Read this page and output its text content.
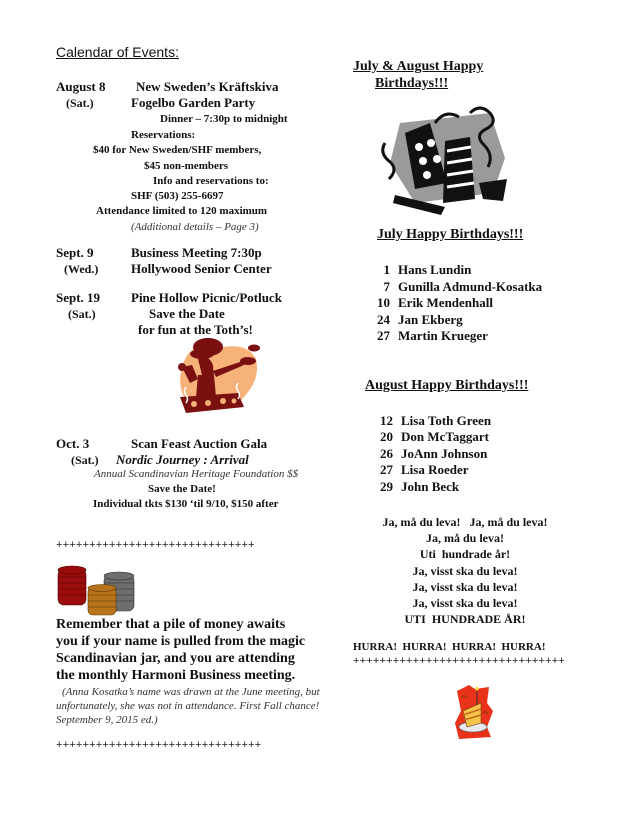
Calendar of Events:
August 8 New Sweden’s Kräftskiva
(Sat.)	Fogelbo Garden Party
Dinner – 7:30p to midnight
Reservations:
$40 for New Sweden/SHF members,
$45 non-members
Info and reservations to:
SHF (503) 255-6697
Attendance limited to 120 maximum
(Additional details – Page 3)
Sept. 9	Business Meeting 7:30p
(Wed.)	Hollywood Senior Center
Sept. 19 Pine Hollow Picnic/Potluck
(Sat.)	Save the Date
for fun at the Toth’s!
Oct. 3	Scan Feast Auction Gala
(Sat.) Nordic Journey : Arrival
Annual Scandinavian Heritage Foundation $$
Save the Date!
Individual tkts $130 ‘til 9/10, $150 after
++++++++++++++++++++++++++++++
Remember that a pile of money awaits
you if your name is pulled from the magic
Scandinavian jar, and you are attending
the monthly Harmoni Business meeting.
(Anna Kosatka’s name was drawn at the June meeting, but
unfortunately, she was not in attendance. First Fall chance!
September 9, 2015 ed.)
+++++++++++++++++++++++++++++++
July & August Happy
Birthdays!!!
July Happy Birthdays!!!
1 Hans Lundin
7 Gunilla Admund-Kosatka
10 Erik Mendenhall
24 Jan Ekberg
27 Martin Krueger
August Happy Birthdays!!!
12 Lisa Toth Green
20 Don McTaggart
26 JoAnn Johnson
27 Lisa Roeder
29 John Beck
Ja, må du leva!   Ja, må du leva!
Ja, må du leva!
Uti  hundrade år!
Ja, visst ska du leva!
Ja, visst ska du leva!
Ja, visst ska du leva!
UTI  HUNDRADE ÅR!
HURRA!  HURRA!  HURRA!  HURRA!
++++++++++++++++++++++++++++++++
